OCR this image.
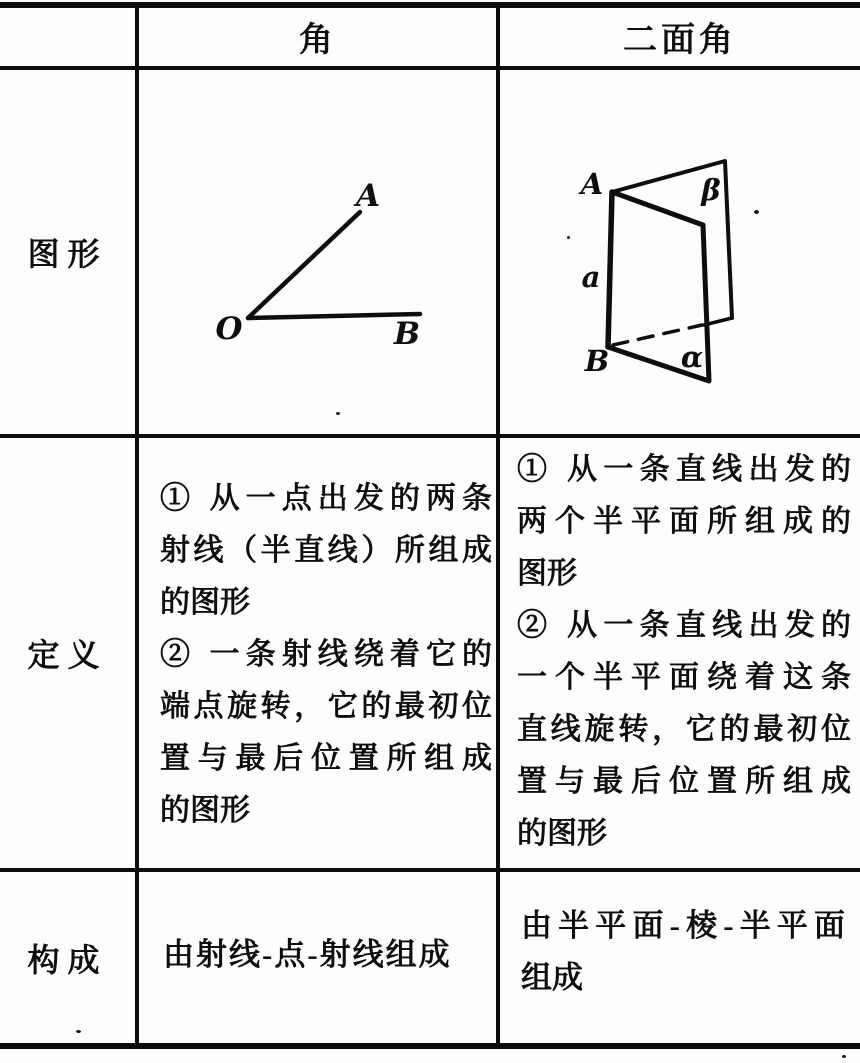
角	二面角
图形
定义
构成
A
O	B
A
B
a
β
α
① 从一点出发的两条
射线（半直线）所组成
的图形
② 一条射线绕着它的
端点旋转，它的最初位
置与最后位置所组成
的图形
① 从一条直线出发的
两个半平面所组成的
图形
② 从一条直线出发的
一个半平面绕着这条
直线旋转，它的最初位
置与最后位置所组成
的图形
由射线-点-射线组成
由半平面-棱-半平面
组成
